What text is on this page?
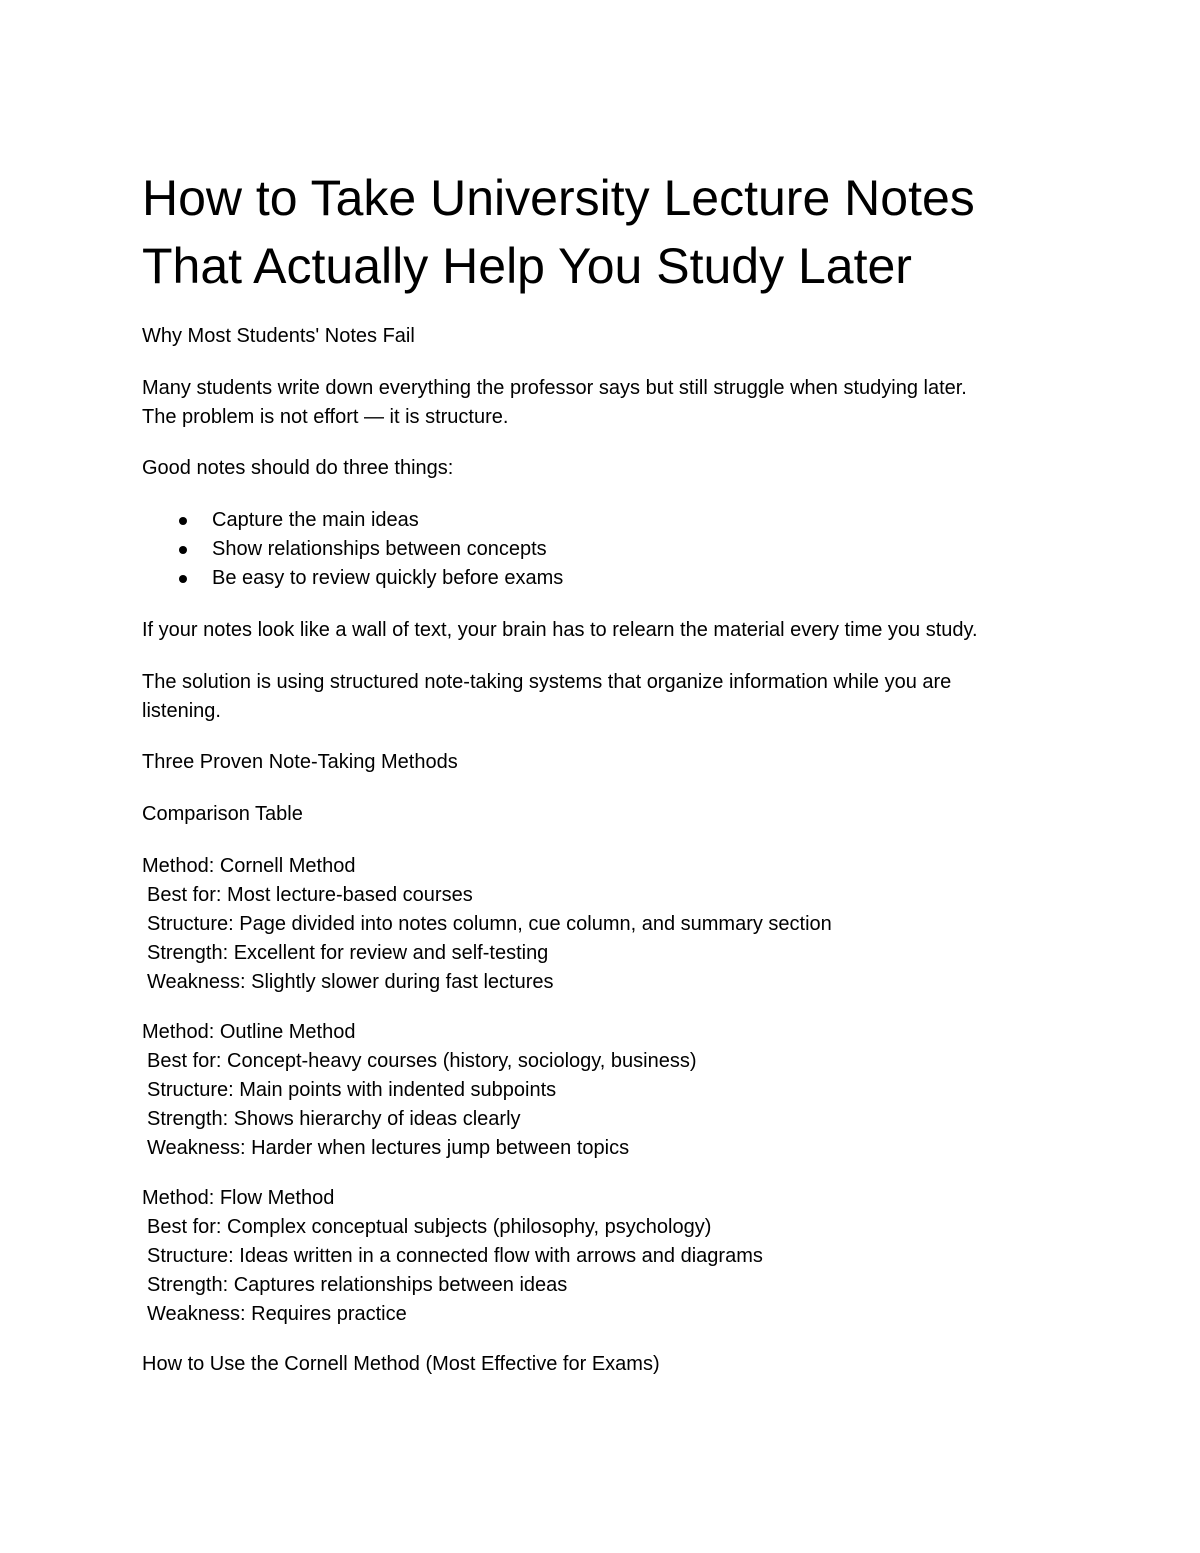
How to Take University Lecture Notes
That Actually Help You Study Later

Why Most Students' Notes Fail

Many students write down everything the professor says but still struggle when studying later.
The problem is not effort — it is structure.

Good notes should do three things:

Capture the main ideas
Show relationships between concepts
Be easy to review quickly before exams

If your notes look like a wall of text, your brain has to relearn the material every time you study.

The solution is using structured note-taking systems that organize information while you are
listening.

Three Proven Note-Taking Methods

Comparison Table

Method: Cornell Method
Best for: Most lecture-based courses
Structure: Page divided into notes column, cue column, and summary section
Strength: Excellent for review and self-testing
Weakness: Slightly slower during fast lectures
Method: Outline Method
Best for: Concept-heavy courses (history, sociology, business)
Structure: Main points with indented subpoints
Strength: Shows hierarchy of ideas clearly
Weakness: Harder when lectures jump between topics
Method: Flow Method
Best for: Complex conceptual subjects (philosophy, psychology)
Structure: Ideas written in a connected flow with arrows and diagrams
Strength: Captures relationships between ideas
Weakness: Requires practice

How to Use the Cornell Method (Most Effective for Exams)
